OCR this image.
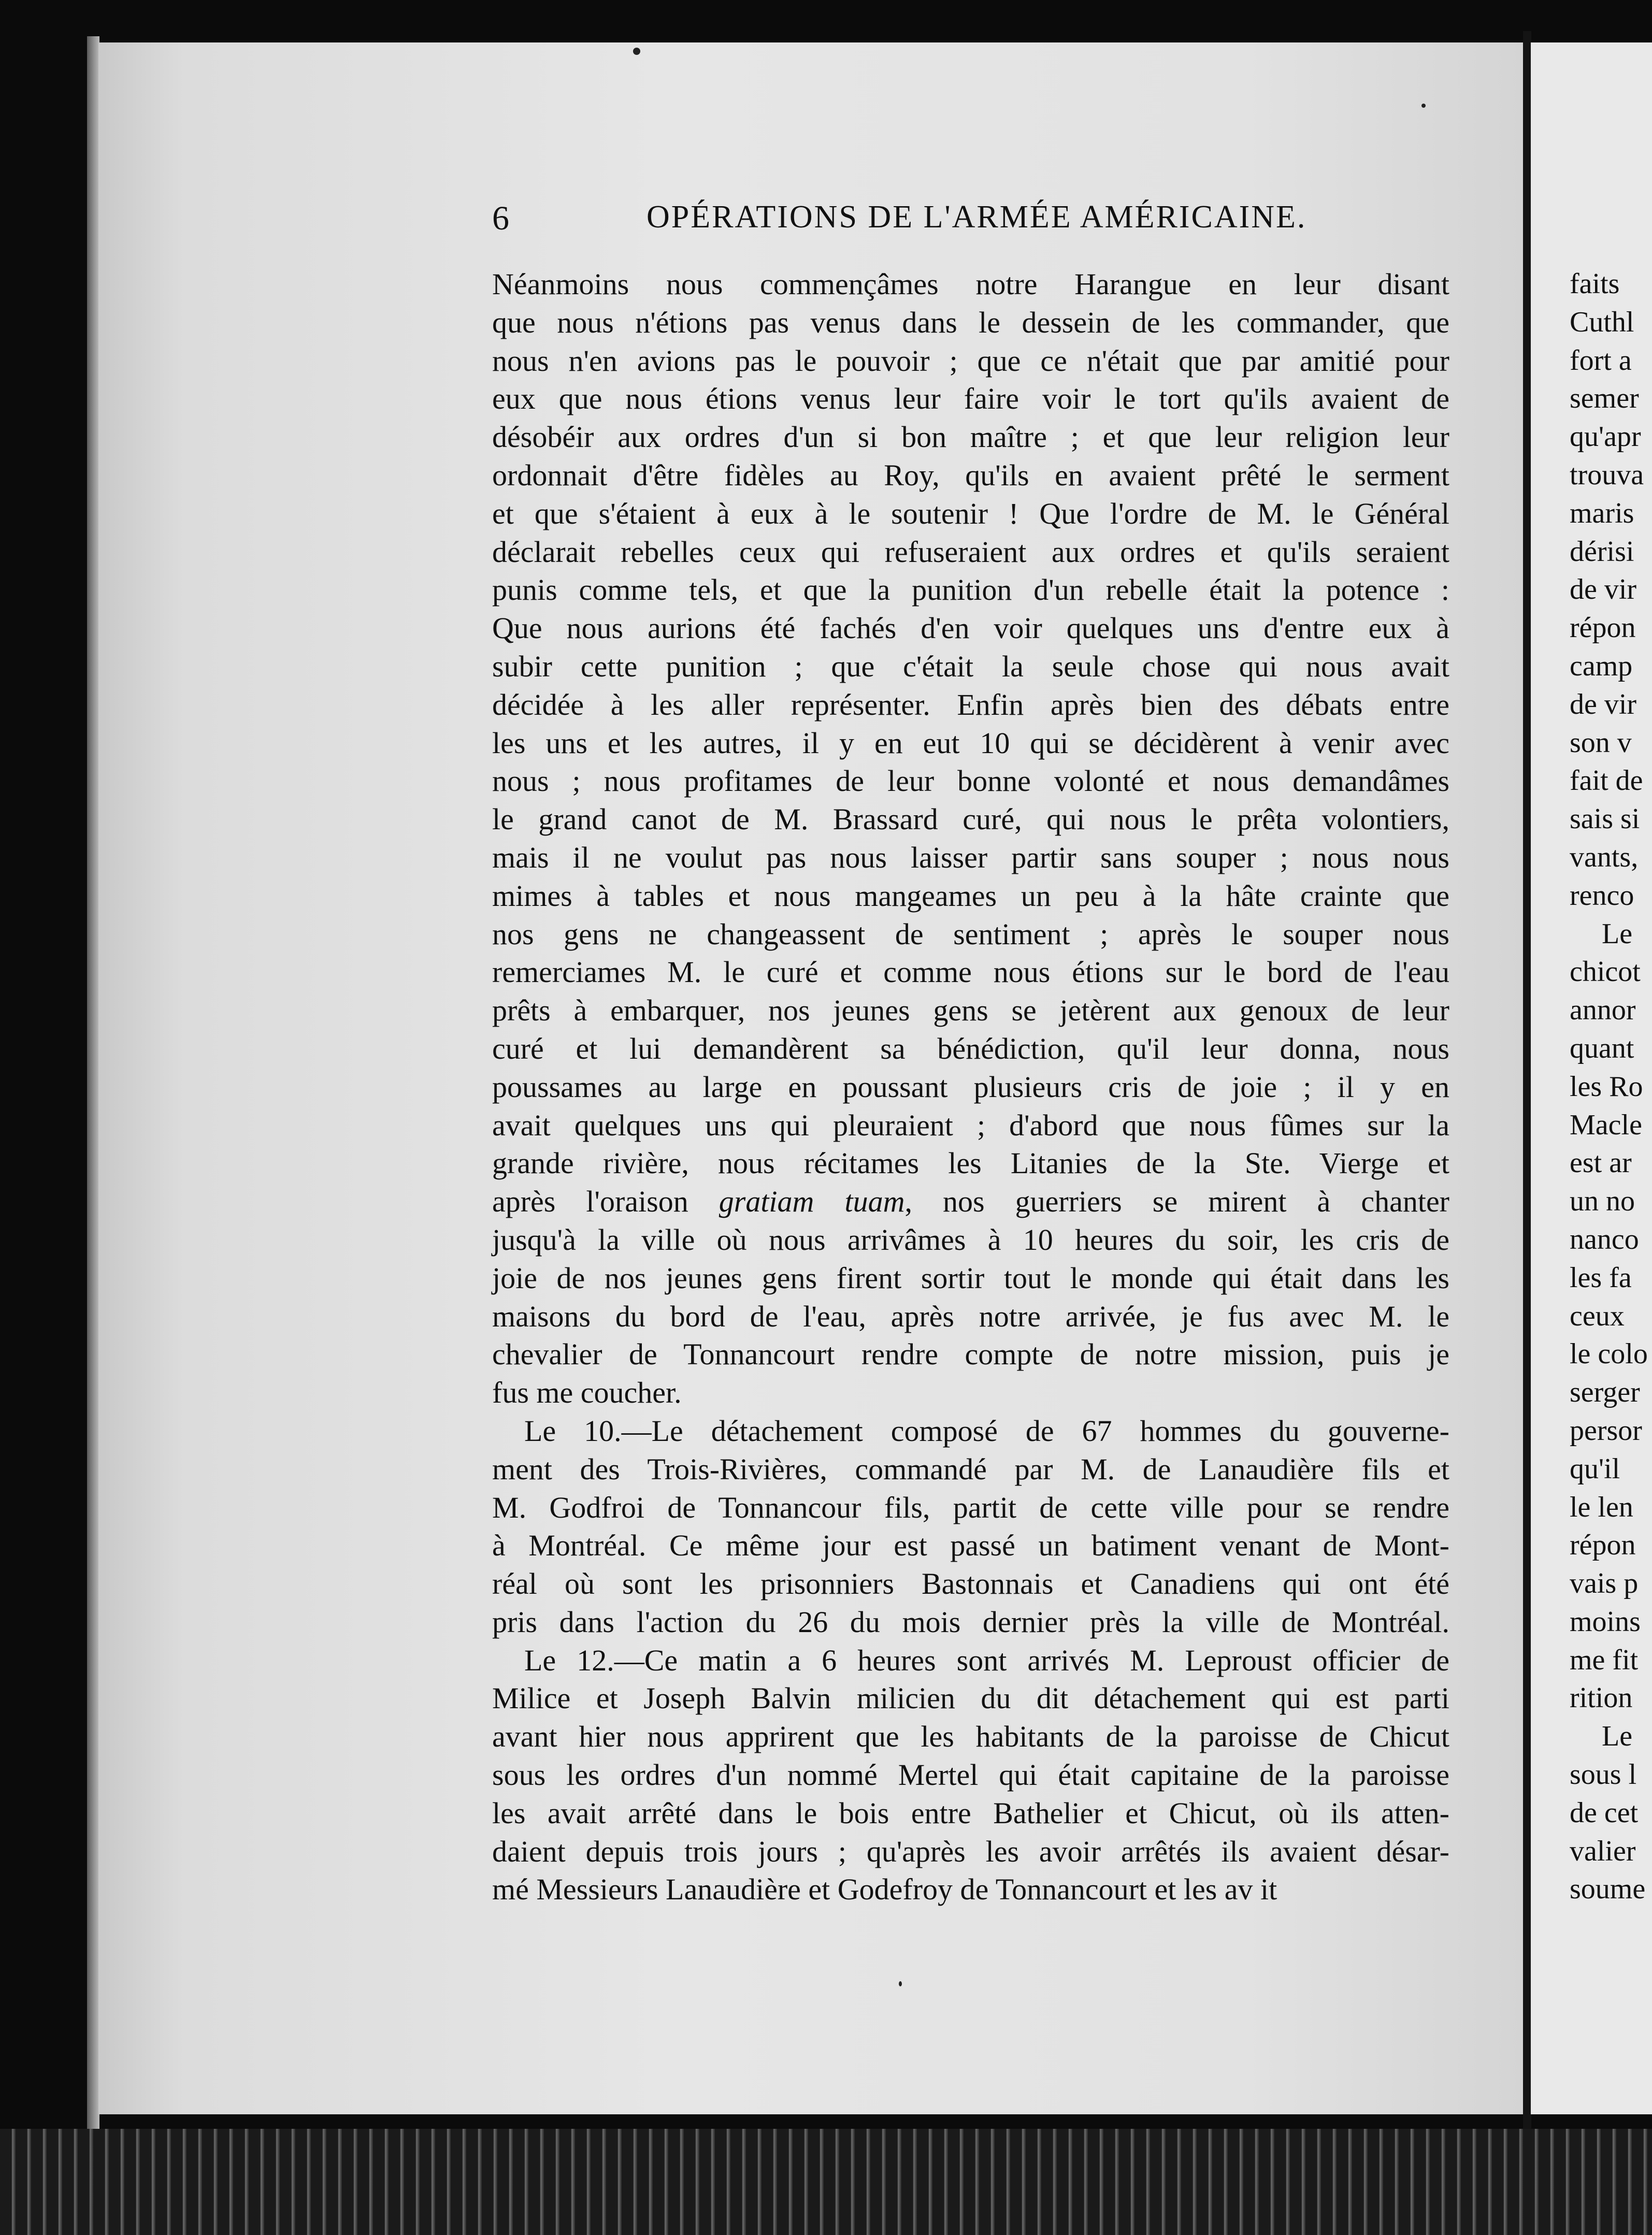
6	OPÉRATIONS DE L'ARMÉE AMÉRICAINE.
Néanmoins nous commençâmes notre Harangue en leur disant
que nous n'étions pas venus dans le dessein de les commander, que
nous n'en avions pas le pouvoir ; que ce n'était que par amitié pour
eux que nous étions venus leur faire voir le tort qu'ils avaient de
désobéir aux ordres d'un si bon maître ; et que leur religion leur
ordonnait d'être fidèles au Roy, qu'ils en avaient prêté le serment
et que s'étaient à eux à le soutenir ! Que l'ordre de M. le Général
déclarait rebelles ceux qui refuseraient aux ordres et qu'ils seraient
punis comme tels, et que la punition d'un rebelle était la potence :
Que nous aurions été fachés d'en voir quelques uns d'entre eux à
subir cette punition ; que c'était la seule chose qui nous avait
décidée à les aller représenter. Enfin après bien des débats entre
les uns et les autres, il y en eut 10 qui se décidèrent à venir avec
nous ; nous profitames de leur bonne volonté et nous demandâmes
le grand canot de M. Brassard curé, qui nous le prêta volontiers,
mais il ne voulut pas nous laisser partir sans souper ; nous nous
mimes à tables et nous mangeames un peu à la hâte crainte que
nos gens ne changeassent de sentiment ; après le souper nous
remerciames M. le curé et comme nous étions sur le bord de l'eau
prêts à embarquer, nos jeunes gens se jetèrent aux genoux de leur
curé et lui demandèrent sa bénédiction, qu'il leur donna, nous
poussames au large en poussant plusieurs cris de joie ; il y en
avait quelques uns qui pleuraient ; d'abord que nous fûmes sur la
grande rivière, nous récitames les Litanies de la Ste. Vierge et
après l'oraison gratiam tuam, nos guerriers se mirent à chanter
jusqu'à la ville où nous arrivâmes à 10 heures du soir, les cris de
joie de nos jeunes gens firent sortir tout le monde qui était dans les
maisons du bord de l'eau, après notre arrivée, je fus avec M. le
chevalier de Tonnancourt rendre compte de notre mission, puis je
fus me coucher.
Le 10.—Le détachement composé de 67 hommes du gouverne-
ment des Trois-Rivières, commandé par M. de Lanaudière fils et
M. Godfroi de Tonnancour fils, partit de cette ville pour se rendre
à Montréal. Ce même jour est passé un batiment venant de Mont-
réal où sont les prisonniers Bastonnais et Canadiens qui ont été
pris dans l'action du 26 du mois dernier près la ville de Montréal.
Le 12.—Ce matin a 6 heures sont arrivés M. Leproust officier de
Milice et Joseph Balvin milicien du dit détachement qui est parti
avant hier nous apprirent que les habitants de la paroisse de Chicut
sous les ordres d'un nommé Mertel qui était capitaine de la paroisse
les avait arrêté dans le bois entre Bathelier et Chicut, où ils atten-
daient depuis trois jours ; qu'après les avoir arrêtés ils avaient désar-
mé Messieurs Lanaudière et Godefroy de Tonnancourt et les av it
faits
Cuthl
fort a
semer
qu'apr
trouva
maris
dérisi
de vir
répon
camp
de vir
son v
fait de
sais si
vants,
renco
Le
chicot
annor
quant
les Ro
Macle
est ar
un no
nanco
les fa
ceux
le colo
serger
persor
qu'il
le len
répon
vais p
moins
me fit
rition
Le
sous l
de cet
valier
soume
